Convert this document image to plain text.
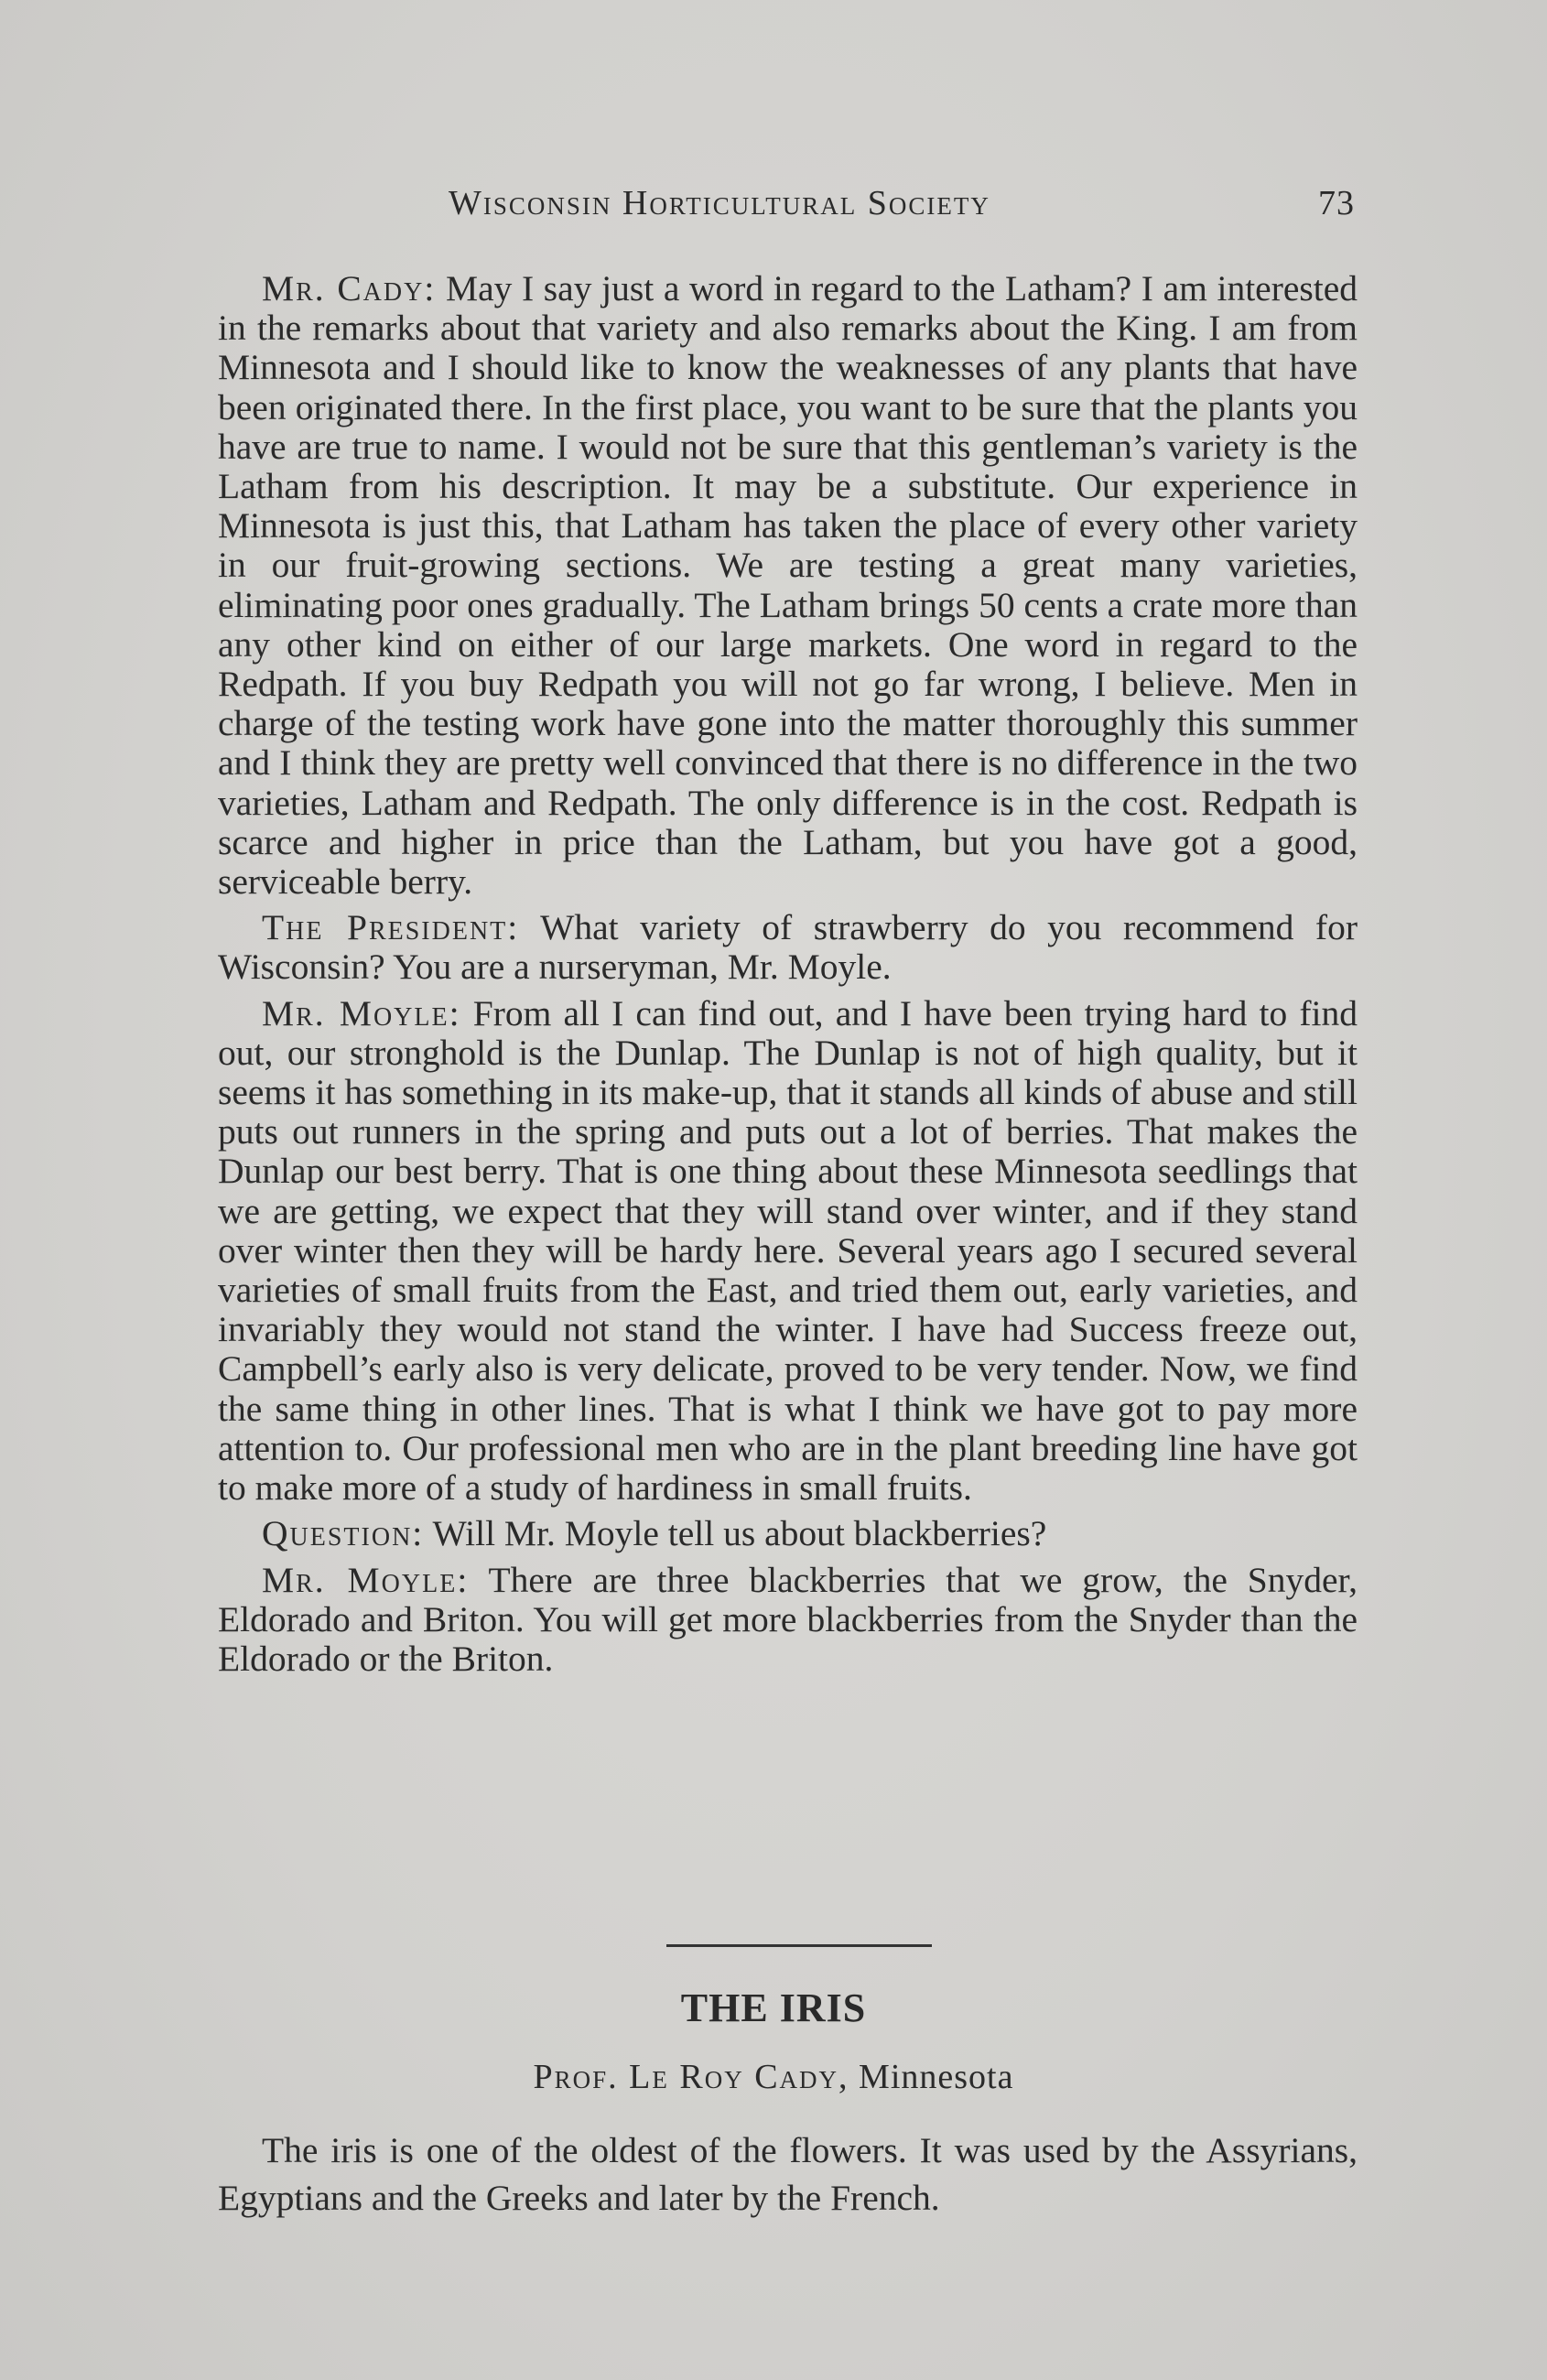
Wisconsin Horticultural Society	73

Mr. Cady: May I say just a word in regard to the Latham? I am interested in the remarks about that variety and also remarks about the King. I am from Minnesota and I should like to know the weaknesses of any plants that have been originated there. In the first place, you want to be sure that the plants you have are true to name. I would not be sure that this gentleman’s variety is the Latham from his description. It may be a substitute. Our experience in Minnesota is just this, that Latham has taken the place of every other variety in our fruit-growing sections. We are testing a great many varieties, eliminating poor ones gradually. The Latham brings 50 cents a crate more than any other kind on either of our large markets. One word in regard to the Redpath. If you buy Redpath you will not go far wrong, I believe. Men in charge of the testing work have gone into the matter thoroughly this summer and I think they are pretty well convinced that there is no difference in the two varieties, Latham and Redpath. The only difference is in the cost. Redpath is scarce and higher in price than the Latham, but you have got a good, serviceable berry.

The President: What variety of strawberry do you recommend for Wisconsin? You are a nurseryman, Mr. Moyle.

Mr. Moyle: From all I can find out, and I have been trying hard to find out, our stronghold is the Dunlap. The Dunlap is not of high quality, but it seems it has something in its make-up, that it stands all kinds of abuse and still puts out runners in the spring and puts out a lot of berries. That makes the Dunlap our best berry. That is one thing about these Minnesota seedlings that we are getting, we expect that they will stand over winter, and if they stand over winter then they will be hardy here. Several years ago I secured several varieties of small fruits from the East, and tried them out, early varieties, and invariably they would not stand the winter. I have had Success freeze out, Campbell’s early also is very delicate, proved to be very tender. Now, we find the same thing in other lines. That is what I think we have got to pay more attention to. Our professional men who are in the plant breeding line have got to make more of a study of hardiness in small fruits.

Question: Will Mr. Moyle tell us about blackberries?

Mr. Moyle: There are three blackberries that we grow, the Snyder, Eldorado and Briton. You will get more blackberries from the Snyder than the Eldorado or the Briton.

THE IRIS
Prof. Le Roy Cady, Minnesota

The iris is one of the oldest of the flowers. It was used by the Assyrians, Egyptians and the Greeks and later by the French.
